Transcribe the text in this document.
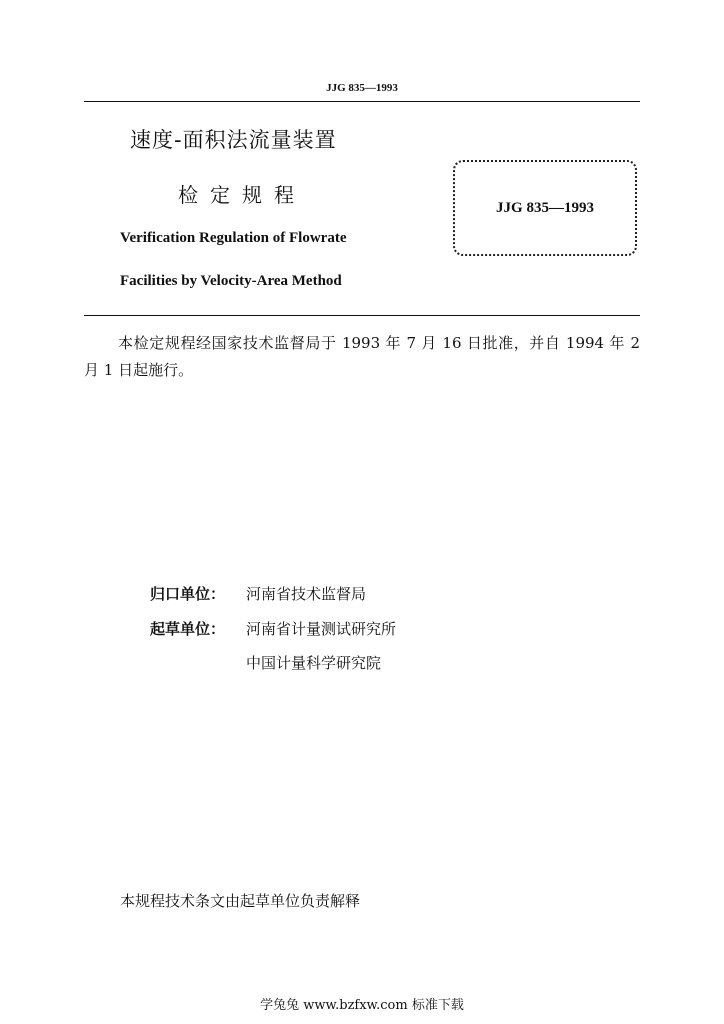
JJG 835—1993
速度-面积法流量装置
检定规程
Verification Regulation of Flowrate
Facilities by Velocity-Area Method
JJG 835—1993
本检定规程经国家技术监督局于 1993 年 7 月 16 日批准，并自 1994 年 2 月 1 日起施行。
归口单位： 河南省技术监督局
起草单位： 河南省计量测试研究所
中国计量科学研究院
本规程技术条文由起草单位负责解释
学兔兔 www.bzfxw.com 标准下载
